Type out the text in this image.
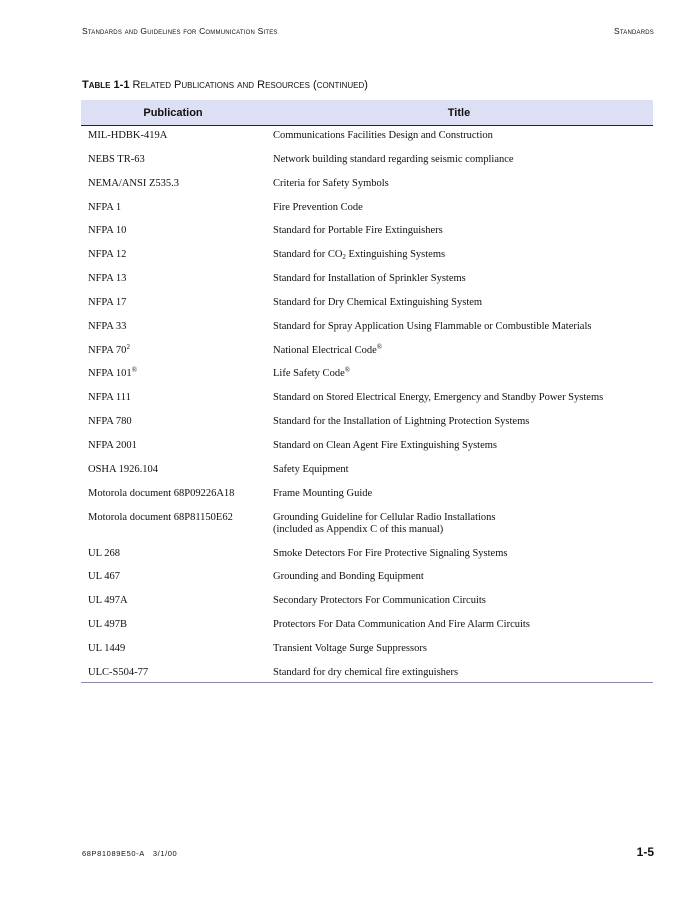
Standards and Guidelines for Communication Sites	Standards
Table 1-1 Related Publications and Resources (continued)
Publication	Title
MIL-HDBK-419A	Communications Facilities Design and Construction
NEBS TR-63	Network building standard regarding seismic compliance
NEMA/ANSI Z535.3	Criteria for Safety Symbols
NFPA 1	Fire Prevention Code
NFPA 10	Standard for Portable Fire Extinguishers
NFPA 12	Standard for $CO_2$ Extinguishing Systems
NFPA 13	Standard for Installation of Sprinkler Systems
NFPA 17	Standard for Dry Chemical Extinguishing System
NFPA 33	Standard for Spray Application Using Flammable or Combustible Materials
NFPA $70^2$	National Electrical Code®
NFPA 101®	Life Safety Code®
NFPA 111	Standard on Stored Electrical Energy, Emergency and Standby Power Systems
NFPA 780	Standard for the Installation of Lightning Protection Systems
NFPA 2001	Standard on Clean Agent Fire Extinguishing Systems
OSHA 1926.104	Safety Equipment
Motorola document 68P09226A18	Frame Mounting Guide
Motorola document 68P81150E62	Grounding Guideline for Cellular Radio Installations
(included as Appendix C of this manual)
UL 268	Smoke Detectors For Fire Protective Signaling Systems
UL 467	Grounding and Bonding Equipment
UL 497A	Secondary Protectors For Communication Circuits
UL 497B	Protectors For Data Communication And Fire Alarm Circuits
UL 1449	Transient Voltage Surge Suppressors
ULC-S504-77	Standard for dry chemical fire extinguishers
68P81089E50-A 3/1/00	1-5
